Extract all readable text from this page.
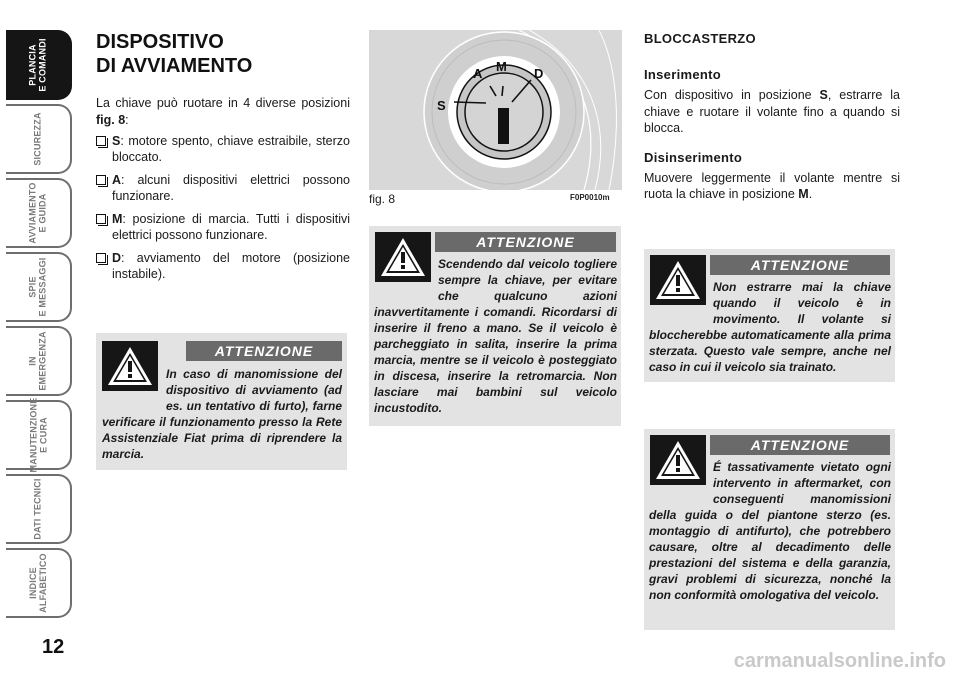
PLANCIA
E COMANDI
SICUREZZA
AVVIAMENTO
E GUIDA
SPIE
E MESSAGGI
IN
EMERGENZA
MANUTENZIONE
E CURA
DATI TECNICI
INDICE
ALFABETICO
12
DISPOSITIVO
DI AVVIAMENTO

La chiave può ruotare in 4 diverse posizioni fig. 8:

S: motore spento, chiave estraibile, sterzo bloccato.
A: alcuni dispositivi elettrici possono funzionare.
M: posizione di marcia. Tutti i dispositivi elettrici possono funzionare.
D: avviamento del motore (posizione instabile).
ATTENZIONE
In caso di manomissione del dispositivo di avviamento (ad es. un tentativo di furto), farne verificare il funzionamento presso la Rete Assistenziale Fiat prima di riprendere la marcia.
S
A M D
fig. 8	F0P0010m
ATTENZIONE
Scendendo dal veicolo togliere sempre la chiave, per evitare che qualcuno azioni inavvertitamente i comandi. Ricordarsi di inserire il freno a mano. Se il veicolo è parcheggiato in salita, inserire la prima marcia, mentre se il veicolo è posteggiato in discesa, inserire la retromarcia. Non lasciare mai bambini sul veicolo incustodito.
BLOCCASTERZO
Inserimento

Con dispositivo in posizione S, estrarre la chiave e ruotare il volante fino a quando si blocca.

Disinserimento

Muovere leggermente il volante mentre si ruota la chiave in posizione M.

ATTENZIONE
Non estrarre mai la chiave quando il veicolo è in movimento. Il volante si bloccherebbe automaticamente alla prima sterzata. Questo vale sempre, anche nel caso in cui il veicolo sia trainato.
ATTENZIONE
É tassativamente vietato ogni intervento in aftermarket, con conseguenti manomissioni della guida o del piantone sterzo (es. montaggio di antifurto), che potrebbero causare, oltre al decadimento delle prestazioni del sistema e della garanzia, gravi problemi di sicurezza, nonché la non conformità omologativa del veicolo.
carmanualsonline.info
